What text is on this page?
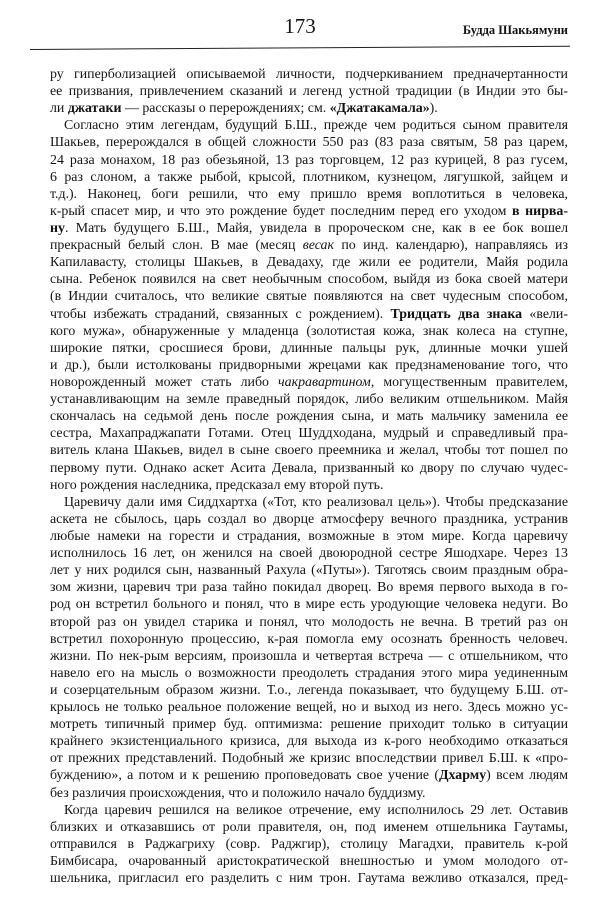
173	Будда Шакьямуни
ру гиперболизацией описываемой личности, подчеркиванием предначертанности
ее призвания, привлечением сказаний и легенд устной традиции (в Индии это бы-
ли джатаки — рассказы о перерождениях; см. «Джатакамала»).
Согласно этим легендам, будущий Б.Ш., прежде чем родиться сыном правителя
Шакьев, перерождался в общей сложности 550 раз (83 раза святым, 58 раз царем,
24 раза монахом, 18 раз обезьяной, 13 раз торговцем, 12 раз курицей, 8 раз гусем,
6 раз слоном, а также рыбой, крысой, плотником, кузнецом, лягушкой, зайцем и
т.д.). Наконец, боги решили, что ему пришло время воплотиться в человека,
к-рый спасет мир, и что это рождение будет последним перед его уходом в нирва-
ну. Мать будущего Б.Ш., Майя, увидела в пророческом сне, как в ее бок вошел
прекрасный белый слон. В мае (месяц весак по инд. календарю), направляясь из
Капилавасту, столицы Шакьев, в Девадаху, где жили ее родители, Майя родила
сына. Ребенок появился на свет необычным способом, выйдя из бока своей матери
(в Индии считалось, что великие святые появляются на свет чудесным способом,
чтобы избежать страданий, связанных с рождением). Тридцать два знака «вели-
кого мужа», обнаруженные у младенца (золотистая кожа, знак колеса на ступне,
широкие пятки, сросшиеся брови, длинные пальцы рук, длинные мочки ушей
и др.), были истолкованы придворными жрецами как предзнаменование того, что
новорожденный может стать либо чакравартином, могущественным правителем,
устанавливающим на земле праведный порядок, либо великим отшельником. Майя
скончалась на седьмой день после рождения сына, и мать мальчику заменила ее
сестра, Махапраджапати Готами. Отец Шуддходана, мудрый и справедливый пра-
витель клана Шакьев, видел в сыне своего преемника и желал, чтобы тот пошел по
первому пути. Однако аскет Асита Девала, призванный ко двору по случаю чудес-
ного рождения наследника, предсказал ему второй путь.
Царевичу дали имя Сиддхартха («Тот, кто реализовал цель»). Чтобы предсказание
аскета не сбылось, царь создал во дворце атмосферу вечного праздника, устранив
любые намеки на горести и страдания, возможные в этом мире. Когда царевичу
исполнилось 16 лет, он женился на своей двоюродной сестре Яшодхаре. Через 13
лет у них родился сын, названный Рахула («Путы»). Тяготясь своим праздным обра-
зом жизни, царевич три раза тайно покидал дворец. Во время первого выхода в го-
род он встретил больного и понял, что в мире есть уродующие человека недуги. Во
второй раз он увидел старика и понял, что молодость не вечна. В третий раз он
встретил похоронную процессию, к-рая помогла ему осознать бренность человеч.
жизни. По нек-рым версиям, произошла и четвертая встреча — с отшельником, что
навело его на мысль о возможности преодолеть страдания этого мира уединенным
и созерцательным образом жизни. Т.о., легенда показывает, что будущему Б.Ш. от-
крылось не только реальное положение вещей, но и выход из него. Здесь можно ус-
мотреть типичный пример буд. оптимизма: решение приходит только в ситуации
крайнего экзистенциального кризиса, для выхода из к-рого необходимо отказаться
от прежних представлений. Подобный же кризис впоследствии привел Б.Ш. к «про-
буждению», а потом и к решению проповедовать свое учение (Дхарму) всем людям
без различия происхождения, что и положило начало буддизму.
Когда царевич решился на великое отречение, ему исполнилось 29 лет. Оставив
близких и отказавшись от роли правителя, он, под именем отшельника Гаутамы,
отправился в Раджагриху (совр. Раджгир), столицу Магадхи, правитель к-рой
Бимбисара, очарованный аристократической внешностью и умом молодого от-
шельника, пригласил его разделить с ним трон. Гаутама вежливо отказался, пред-
